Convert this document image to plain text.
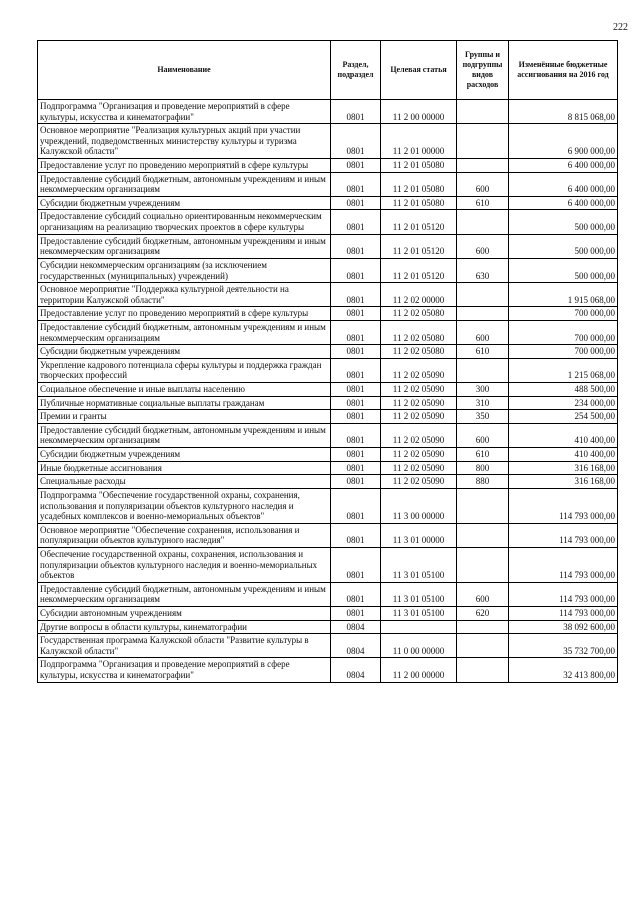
222
Наименование	Раздел, подраздел	Целевая статья	Группы и подгруппы видов расходов	Изменённые бюджетные ассигнования на 2016 год
Подпрограмма "Организация и проведение мероприятий в сфере культуры, искусства и кинематографии"	0801	11 2 00 00000		8 815 068,00
Основное мероприятие "Реализация культурных акций при участии учреждений, подведомственных министерству культуры и туризма Калужской области"	0801	11 2 01 00000		6 900 000,00
Предоставление услуг по проведению мероприятий в сфере культуры	0801	11 2 01 05080		6 400 000,00
Предоставление субсидий бюджетным, автономным учреждениям и иным некоммерческим организациям	0801	11 2 01 05080	600	6 400 000,00
Субсидии бюджетным учреждениям	0801	11 2 01 05080	610	6 400 000,00
Предоставление субсидий социально ориентированным некоммерческим организациям на реализацию творческих проектов в сфере культуры	0801	11 2 01 05120		500 000,00
Предоставление субсидий бюджетным, автономным учреждениям и иным некоммерческим организациям	0801	11 2 01 05120	600	500 000,00
Субсидии некоммерческим организациям (за исключением государственных (муниципальных) учреждений)	0801	11 2 01 05120	630	500 000,00
Основное мероприятие "Поддержка культурной деятельности на территории Калужской области"	0801	11 2 02 00000		1 915 068,00
Предоставление услуг по проведению мероприятий в сфере культуры	0801	11 2 02 05080		700 000,00
Предоставление субсидий бюджетным, автономным учреждениям и иным некоммерческим организациям	0801	11 2 02 05080	600	700 000,00
Субсидии бюджетным учреждениям	0801	11 2 02 05080	610	700 000,00
Укрепление кадрового потенциала сферы культуры и поддержка граждан творческих профессий	0801	11 2 02 05090		1 215 068,00
Социальное обеспечение и иные выплаты населению	0801	11 2 02 05090	300	488 500,00
Публичные нормативные социальные выплаты гражданам	0801	11 2 02 05090	310	234 000,00
Премии и гранты	0801	11 2 02 05090	350	254 500,00
Предоставление субсидий бюджетным, автономным учреждениям и иным некоммерческим организациям	0801	11 2 02 05090	600	410 400,00
Субсидии бюджетным учреждениям	0801	11 2 02 05090	610	410 400,00
Иные бюджетные ассигнования	0801	11 2 02 05090	800	316 168,00
Специальные расходы	0801	11 2 02 05090	880	316 168,00
Подпрограмма "Обеспечение государственной охраны, сохранения, использования и популяризации объектов культурного наследия и усадебных комплексов и военно-мемориальных объектов"	0801	11 3 00 00000		114 793 000,00
Основное мероприятие "Обеспечение сохранения, использования и популяризации объектов культурного наследия"	0801	11 3 01 00000		114 793 000,00
Обеспечение государственной охраны, сохранения, использования и популяризации объектов культурного наследия и военно-мемориальных объектов	0801	11 3 01 05100		114 793 000,00
Предоставление субсидий бюджетным, автономным учреждениям и иным некоммерческим организациям	0801	11 3 01 05100	600	114 793 000,00
Субсидии автономным учреждениям	0801	11 3 01 05100	620	114 793 000,00
Другие вопросы в области культуры, кинематографии	0804			38 092 600,00
Государственная программа Калужской области "Развитие культуры в Калужской области"	0804	11 0 00 00000		35 732 700,00
Подпрограмма "Организация и проведение мероприятий в сфере культуры, искусства и кинематографии"	0804	11 2 00 00000		32 413 800,00
